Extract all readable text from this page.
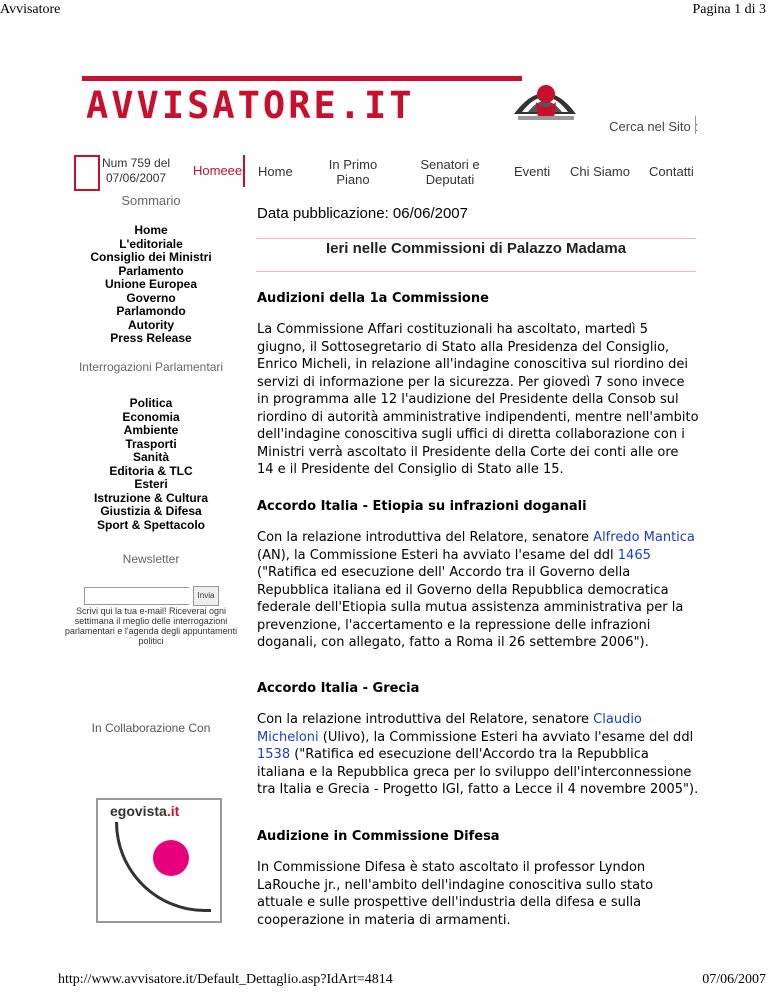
Avvisatore	Pagina 1 di 3
http://www.avvisatore.it/Default_Dettaglio.asp?IdArt=4814	07/06/2007
AVVISATORE.IT	Cerca nel Sito :
Num 759 del
07/06/2007	Homeee Home	In Primo Piano
Senatori e Deputati
Eventi Chi Siamo Contatti
Sommario
Home
L'editoriale
Consiglio dei Ministri
Parlamento
Unione Europea
Governo
Parlamondo
Autority
Press Release
Interrogazioni Parlamentari
Politica
Economia
Ambiente
Trasporti
Sanità
Editoria & TLC
Esteri
Istruzione & Cultura
Giustizia & Difesa
Sport & Spettacolo
Newsletter
Invia
Scrivi qui la tua e-mail! Riceverai ogni settimana il meglio delle interrogazioni parlamentari e l'agenda degli appuntamenti politici
In Collaborazione Con
egovista.it
Data pubblicazione: 06/06/2007
Ieri nelle Commissioni di Palazzo Madama
Audizioni della 1a Commissione
La Commissione Affari costituzionali ha ascoltato, martedì 5 giugno, il Sottosegretario di Stato alla Presidenza del Consiglio, Enrico Micheli, in relazione all'indagine conoscitiva sul riordino dei servizi di informazione per la sicurezza. Per giovedì 7 sono invece in programma alle 12 l'audizione del Presidente della Consob sul riordino di autorità amministrative indipendenti, mentre nell'ambito dell'indagine conoscitiva sugli uffici di diretta collaborazione con i Ministri verrà ascoltato il Presidente della Corte dei conti alle ore 14 e il Presidente del Consiglio di Stato alle 15.
Accordo Italia - Etiopia su infrazioni doganali
Con la relazione introduttiva del Relatore, senatore Alfredo Mantica (AN), la Commissione Esteri ha avviato l'esame del ddl 1465 ("Ratifica ed esecuzione dell' Accordo tra il Governo della Repubblica italiana ed il Governo della Repubblica democratica federale dell'Etiopia sulla mutua assistenza amministrativa per la prevenzione, l'accertamento e la repressione delle infrazioni doganali, con allegato, fatto a Roma il 26 settembre 2006").
Accordo Italia - Grecia
Con la relazione introduttiva del Relatore, senatore Claudio Micheloni (Ulivo), la Commissione Esteri ha avviato l'esame del ddl 1538 ("Ratifica ed esecuzione dell'Accordo tra la Repubblica italiana e la Repubblica greca per lo sviluppo dell'interconnessione tra Italia e Grecia - Progetto IGI, fatto a Lecce il 4 novembre 2005").
Audizione in Commissione Difesa
In Commissione Difesa è stato ascoltato il professor Lyndon LaRouche jr., nell'ambito dell'indagine conoscitiva sullo stato attuale e sulle prospettive dell'industria della difesa e sulla cooperazione in materia di armamenti.
